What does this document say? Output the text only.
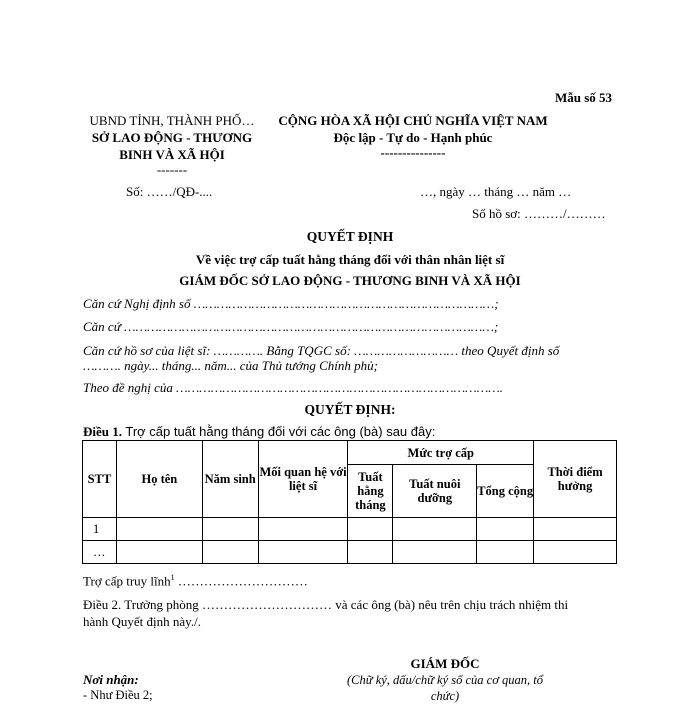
Mẫu số 53
UBND TỈNH, THÀNH PHỐ…
SỞ LAO ĐỘNG - THƯƠNG
BINH VÀ XÃ HỘI
-------
CỘNG HÒA XÃ HỘI CHỦ NGHĨA VIỆT NAM
Độc lập - Tự do - Hạnh phúc
---------------
Số: ……/QĐ-....	…, ngày … tháng … năm …
Số hồ sơ: ………/………
QUYẾT ĐỊNH
Về việc trợ cấp tuất hằng tháng đối với thân nhân liệt sĩ
GIÁM ĐỐC SỞ LAO ĐỘNG - THƯƠNG BINH VÀ XÃ HỘI
Căn cứ Nghị định số ……………………………………………………………………;
Căn cứ ……………………………………………………………………………………;
Căn cứ hồ sơ của liệt sĩ: …………. Bằng TQGC số: ……………………… theo Quyết định số
………. ngày... tháng... năm... của Thủ tướng Chính phủ;
Theo đề nghị của ………………………………………………………………………….
QUYẾT ĐỊNH:
Điều 1. Trợ cấp tuất hằng tháng đối với các ông (bà) sau đây:
STT	Họ tên	Năm sinh	Mối quan hệ với liệt sĩ	Mức trợ cấp			Thời điểm hưởng
				Tuất hằng tháng	Tuất nuôi dưỡng	Tổng cộng	
1							
…							
Trợ cấp truy lĩnh$^1$ …………………………
Điều 2. Trưởng phòng ………………………… và các ông (bà) nêu trên chịu trách nhiệm thi
hành Quyết định này./.
GIÁM ĐỐC
(Chữ ký, dấu/chữ ký số của cơ quan, tổ chức)
Nơi nhận:
- Như Điều 2;
